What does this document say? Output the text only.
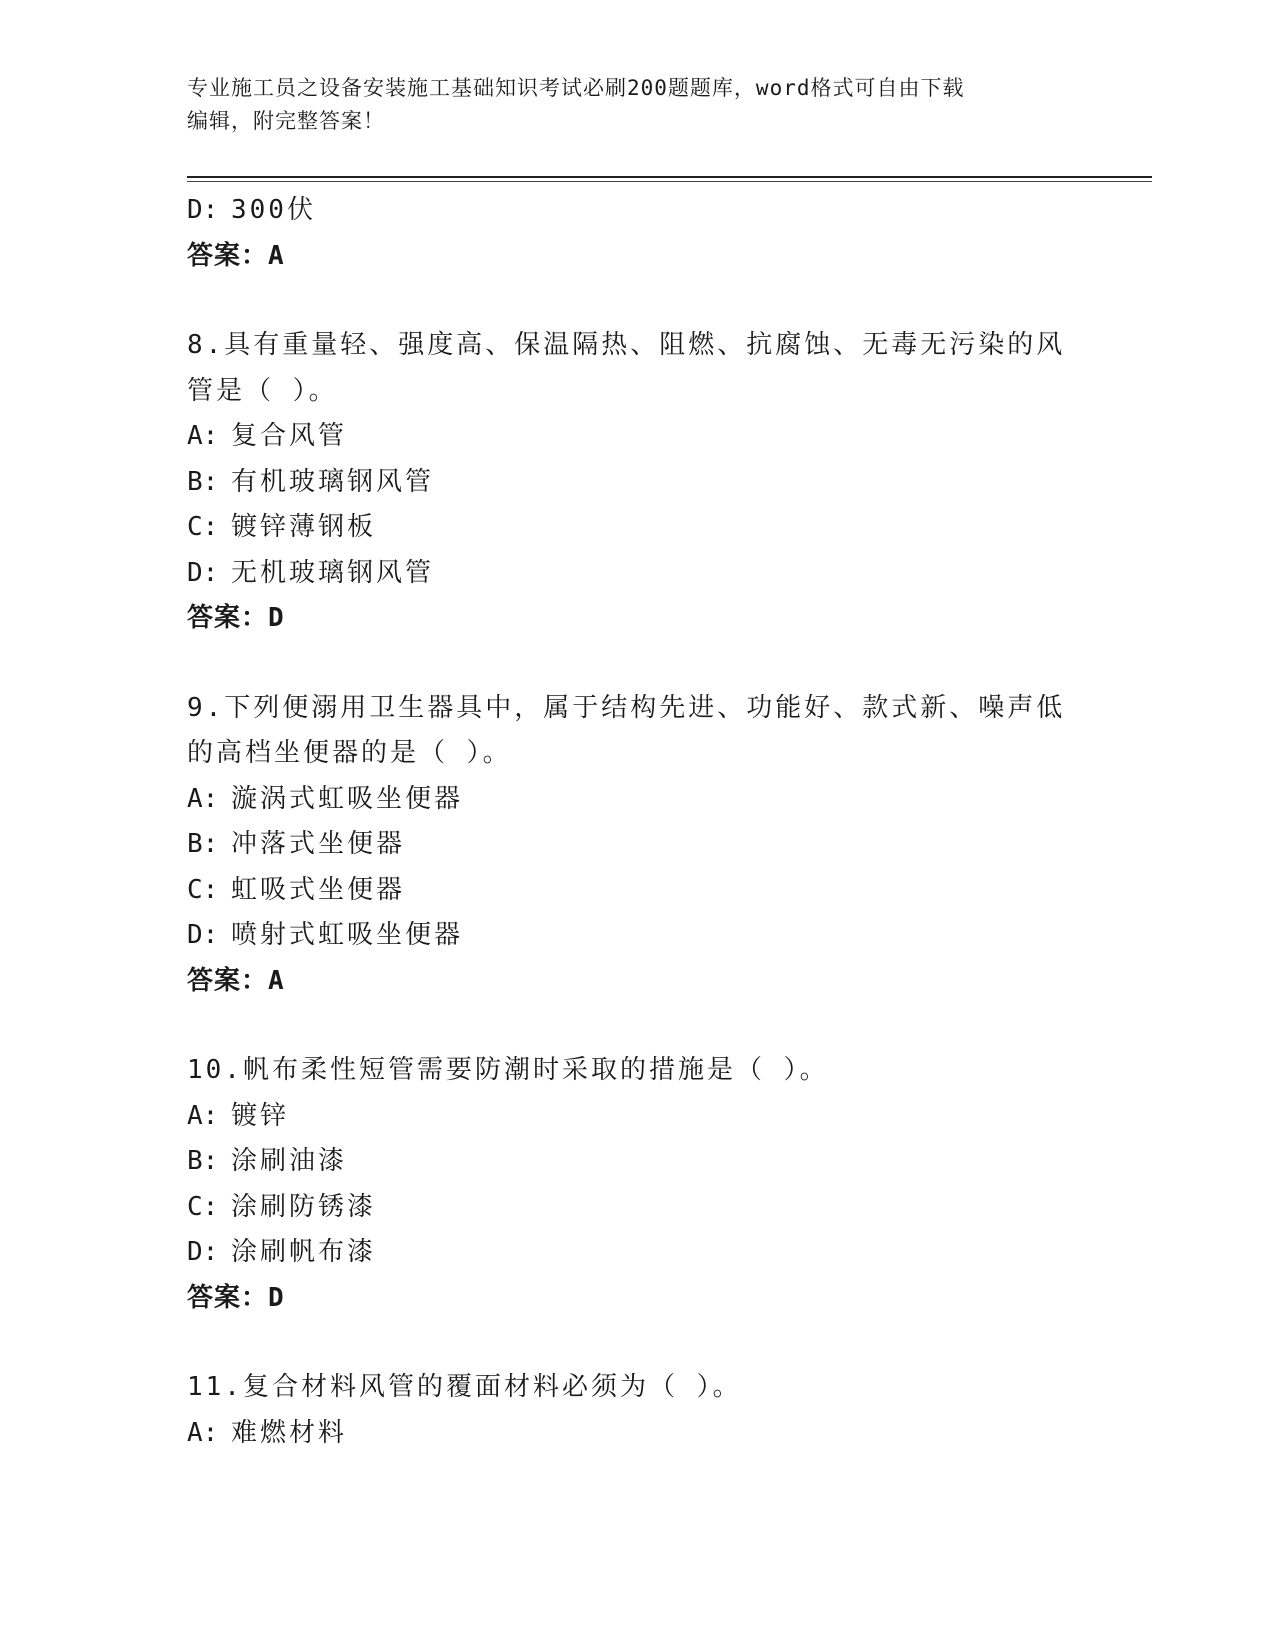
专业施工员之设备安装施工基础知识考试必刷200题题库，word格式可自由下载
编辑，附完整答案！
D: 300伏
答案：A
8.具有重量轻、强度高、保温隔热、阻燃、抗腐蚀、无毒无污染的风
管是（ ）。
A: 复合风管
B: 有机玻璃钢风管
C: 镀锌薄钢板
D: 无机玻璃钢风管
答案：D
9.下列便溺用卫生器具中，属于结构先进、功能好、款式新、噪声低
的高档坐便器的是（ ）。
A: 漩涡式虹吸坐便器
B: 冲落式坐便器
C: 虹吸式坐便器
D: 喷射式虹吸坐便器
答案：A
10.帆布柔性短管需要防潮时采取的措施是（ ）。
A: 镀锌
B: 涂刷油漆
C: 涂刷防锈漆
D: 涂刷帆布漆
答案：D
11.复合材料风管的覆面材料必须为（ ）。
A: 难燃材料
